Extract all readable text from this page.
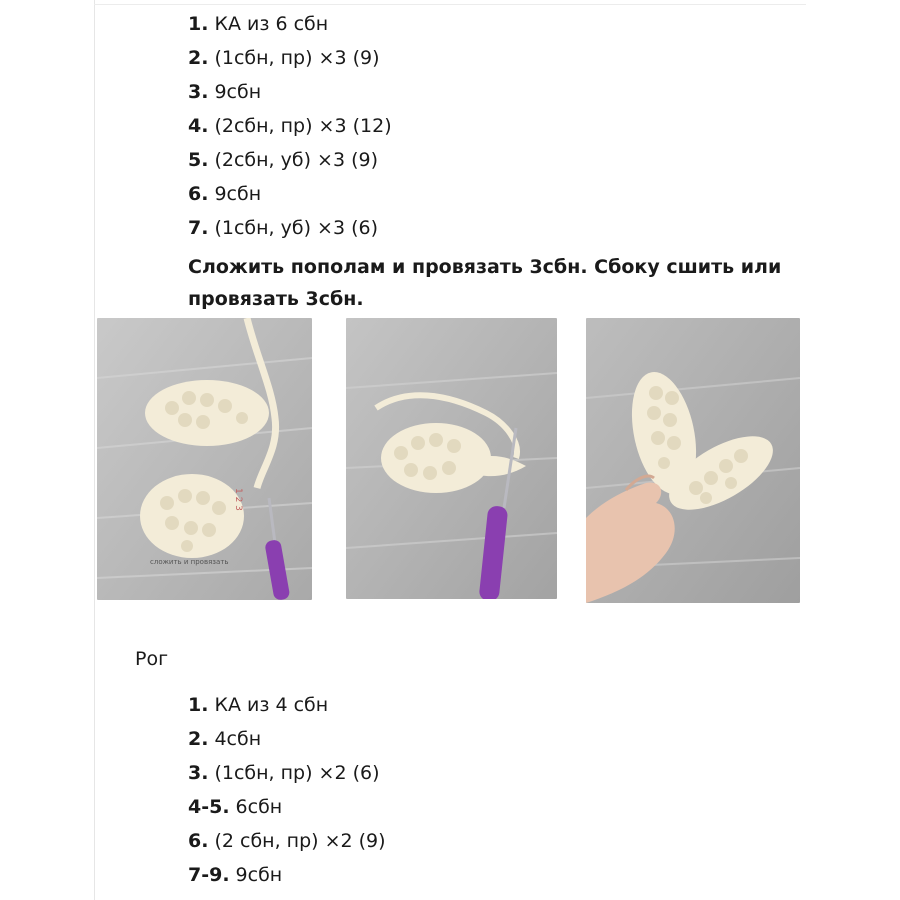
1. КА из 6 сбн
2. (1сбн, пр) ×3 (9)
3. 9сбн
4. (2сбн, пр) ×3 (12)
5. (2сбн, уб) ×3 (9)
6. 9сбн
7. (1сбн, уб) ×3 (6)
Сложить пополам и провязать 3сбн. Сбоку сшить или провязать 3сбн.
сложить и провязать
1 2 3
Рог
1. КА из 4 сбн
2. 4сбн
3. (1сбн, пр) ×2 (6)
4-5. 6сбн
6. (2 сбн, пр) ×2 (9)
7-9. 9сбн
